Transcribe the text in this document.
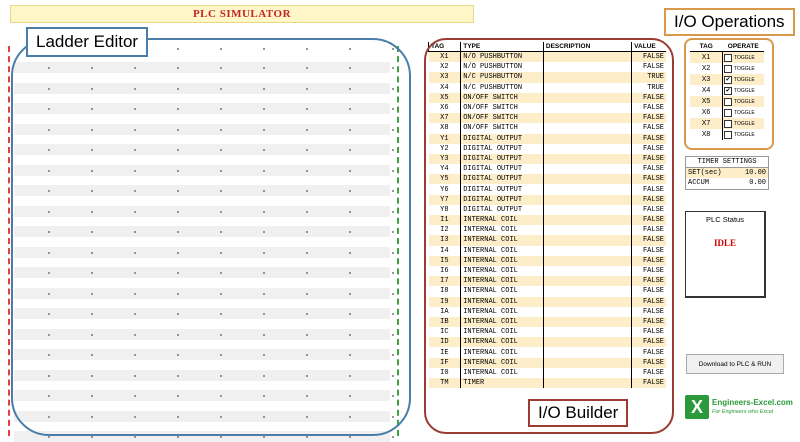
PLC SIMULATOR
Ladder Editor	TAG	TYPE	DESCRIPTION	VALUE
X1	N/O PUSHBUTTON		FALSE
X2	N/O PUSHBUTTON		FALSE
X3	N/C PUSHBUTTON		TRUE
X4	N/C PUSHBUTTON		TRUE
X5	ON/OFF SWITCH		FALSE
X6	ON/OFF SWITCH		FALSE
X7	ON/OFF SWITCH		FALSE
X8	ON/OFF SWITCH		FALSE
Y1	DIGITAL OUTPUT		FALSE
Y2	DIGITAL OUTPUT		FALSE
Y3	DIGITAL OUTPUT		FALSE
Y4	DIGITAL OUTPUT		FALSE
Y5	DIGITAL OUTPUT		FALSE
Y6	DIGITAL OUTPUT		FALSE
Y7	DIGITAL OUTPUT		FALSE
Y8	DIGITAL OUTPUT		FALSE
I1	INTERNAL COIL		FALSE
I2	INTERNAL COIL		FALSE
I3	INTERNAL COIL		FALSE
I4	INTERNAL COIL		FALSE
I5	INTERNAL COIL		FALSE
I6	INTERNAL COIL		FALSE
I7	INTERNAL COIL		FALSE
I8	INTERNAL COIL		FALSE
I9	INTERNAL COIL		FALSE
IA	INTERNAL COIL		FALSE
IB	INTERNAL COIL		FALSE
IC	INTERNAL COIL		FALSE
ID	INTERNAL COIL		FALSE
IE	INTERNAL COIL		FALSE
IF	INTERNAL COIL		FALSE
I0	INTERNAL COIL		FALSE
TM	TIMER		FALSE
I/O Builder
TAG	OPERATE
X1	TOGGLE
X2	TOGGLE
X3	✔ TOGGLE
X4	✔ TOGGLE
X5	TOGGLE
X6	TOGGLE
X7	TOGGLE
X8	TOGGLE
I/O Operations
TIMER SETTINGS
SET(sec)	10.00
ACCUM	0.00
PLC Status
IDLE
Download to PLC & RUN
X	Engineers-Excel.com
For Engineers who Excel
